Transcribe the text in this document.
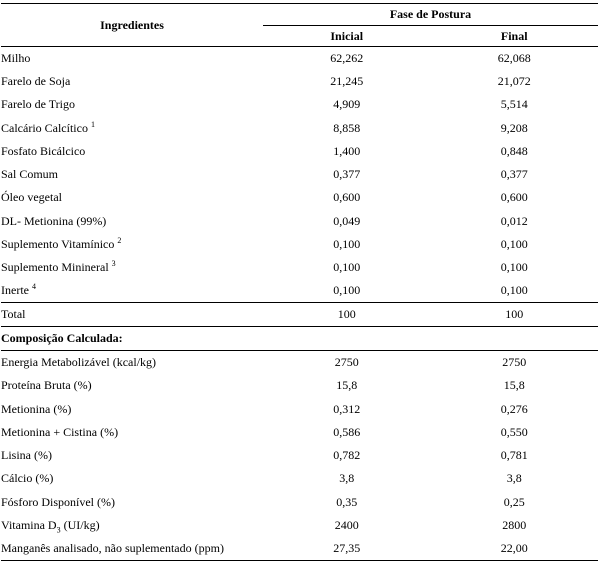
Ingredientes	Fase de Postura	
	Inicial	Final
Milho	62,262	62,068
Farelo de Soja	21,245	21,072
Farelo de Trigo	4,909	5,514
Calcário Calcítico $^1$	8,858	9,208
Fosfato Bicálcico	1,400	0,848
Sal Comum	0,377	0,377
Óleo vegetal	0,600	0,600
DL- Metionina (99%)	0,049	0,012
Suplemento Vitamínico $^2$	0,100	0,100
Suplemento Minineral $^3$	0,100	0,100
Inerte $^4$	0,100	0,100
Total	100	100
Composição Calculada:		
Energia Metabolizável (kcal/kg)	2750	2750
Proteína Bruta (%)	15,8	15,8
Metionina (%)	0,312	0,276
Metionina + Cistina (%)	0,586	0,550
Lisina (%)	0,782	0,781
Cálcio (%)	3,8	3,8
Fósforo Disponível (%)	0,35	0,25
Vitamina $D_3$ (UI/kg)	2400	2800
Manganês analisado, não suplementado (ppm)	27,35	22,00
